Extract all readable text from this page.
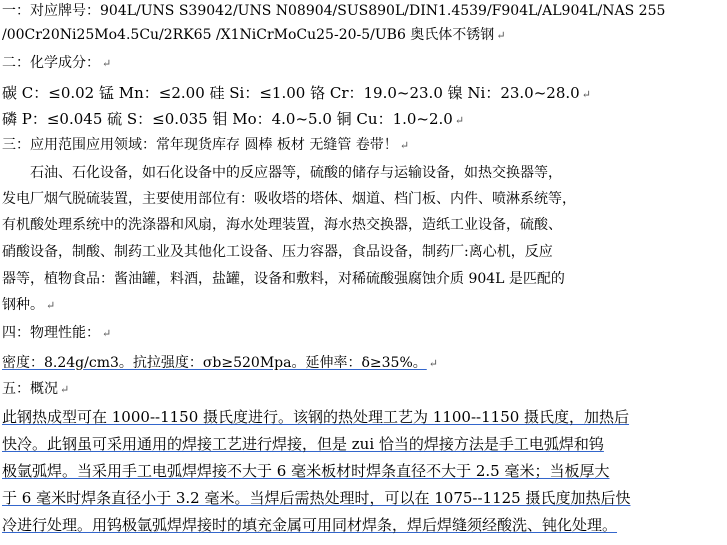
一：对应牌号：904L/UNS S39042/UNS N08904/SUS890L/DIN1.4539/F904L/AL904L/NAS 255
/00Cr20Ni25Mo4.5Cu/2RK65 /X1NiCrMoCu25-20-5/UB6 奥氏体不锈钢 ↵
二：化学成分： ↵
碳 C：≤0.02 锰 Mn：≤2.00 硅 Si：≤1.00 铬 Cr：19.0~23.0 镍 Ni：23.0~28.0 ↵
磷 P：≤0.045 硫 S：≤0.035 钼 Mo：4.0~5.0 铜 Cu：1.0~2.0 ↵
三：应用范围应用领域：常年现货库存 圆棒 板材 无缝管 卷带！ ↵
石油、石化设备，如石化设备中的反应器等，硫酸的储存与运输设备，如热交换器等，
发电厂烟气脱硫装置，主要使用部位有：吸收塔的塔体、烟道、档门板、内件、喷淋系统等，
有机酸处理系统中的洗涤器和风扇，海水处理装置，海水热交换器，造纸工业设备，硫酸、
硝酸设备，制酸、制药工业及其他化工设备、压力容器，食品设备，制药厂:离心机，反应
器等，植物食品：酱油罐，料酒，盐罐，设备和敷料，对稀硫酸强腐蚀介质 904L 是匹配的
钢种。 ↵
四：物理性能： ↵
密度：8.24g/cm3。抗拉强度：σb≥520Mpa。延伸率：δ≥35%。 ↵
五：概况 ↵
此钢热成型可在 1000--1150 摄氏度进行。该钢的热处理工艺为 1100--1150 摄氏度，加热后
快冷。此钢虽可采用通用的焊接工艺进行焊接，但是 zui 恰当的焊接方法是手工电弧焊和钨
极氩弧焊。当采用手工电弧焊焊接不大于 6 毫米板材时焊条直径不大于 2.5 毫米；当板厚大
于 6 毫米时焊条直径小于 3.2 毫米。当焊后需热处理时，可以在 1075--1125 摄氏度加热后快
冷进行处理。用钨极氩弧焊焊接时的填充金属可用同材焊条，焊后焊缝须经酸洗、钝化处理。
